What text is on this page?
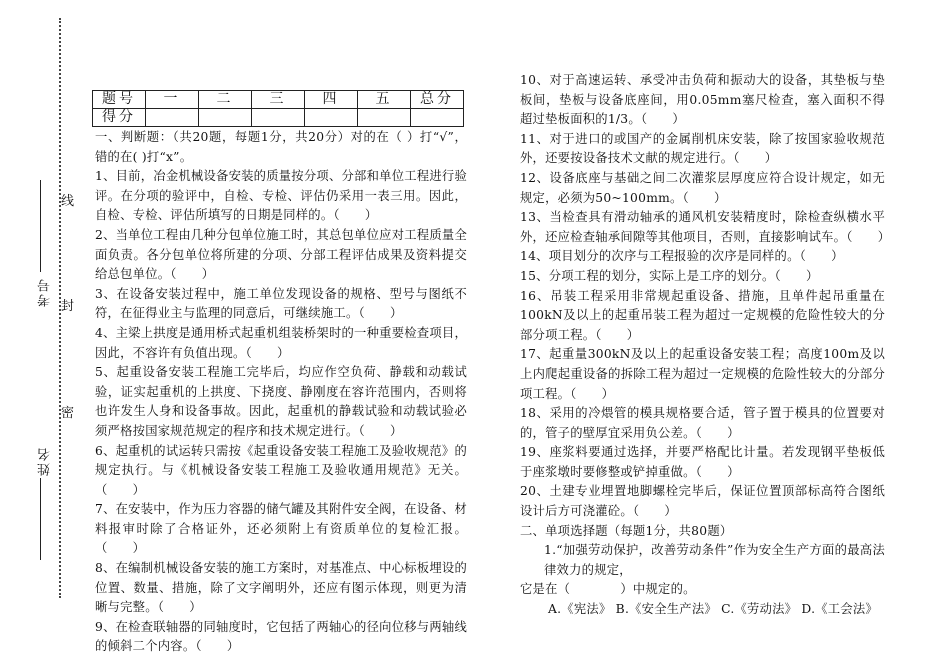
姓名
考号
密
封
线
题号	一	二	三	四	五	总分
得分						

一、判断题：（共20题，每题1分，共20分）对的在（ ）打“√”，错的在( )打“x”。

1、目前，冶金机械设备安装的质量按分项、分部和单位工程进行验评。在分项的验评中，自检、专检、评估仍采用一表三用。因此，自检、专检、评估所填写的日期是同样的。（　　）

2、当单位工程由几种分包单位施工时，其总包单位应对工程质量全面负责。各分包单位将所建的分项、分部工程评估成果及资料提交给总包单位。（　　）

3、在设备安装过程中，施工单位发现设备的规格、型号与图纸不符，在征得业主与监理的同意后，可继续施工。（　　）

4、主梁上拱度是通用桥式起重机组装桥架时的一种重要检查项目，因此，不容许有负值出现。（　　）

5、起重设备安装工程施工完毕后，均应作空负荷、静载和动载试验，证实起重机的上拱度、下挠度、静刚度在容许范围内，否则将也许发生人身和设备事故。因此，起重机的静载试验和动载试验必须严格按国家规范规定的程序和技术规定进行。（　　）

6、起重机的试运转只需按《起重设备安装工程施工及验收规范》的规定执行。与《机械设备安装工程施工及验收通用规范》无关。（　　）

7、在安装中，作为压力容器的储气罐及其附件安全阀，在设备、材料报审时除了合格证外，还必须附上有资质单位的复检汇报。（　　）

8、在编制机械设备安装的施工方案时，对基准点、中心标板埋设的位置、数量、措施，除了文字阐明外，还应有图示体现，则更为清晰与完整。（　　）

9、在检查联轴器的同轴度时，它包括了两轴心的径向位移与两轴线的倾斜二个内容。（　　）

10、对于高速运转、承受冲击负荷和振动大的设备，其垫板与垫板间，垫板与设备底座间，用0.05mm塞尺检查，塞入面积不得超过垫板面积的1/3。（　　）

11、对于进口的或国产的金属削机床安装，除了按国家验收规范外，还要按设备技术文献的规定进行。（　　）

12、设备底座与基础之间二次灌浆层厚度应符合设计规定，如无规定，必须为50~100mm。（　　）

13、当检查具有滑动轴承的通风机安装精度时，除检查纵横水平外，还应检查轴承间隙等其他项目，否则，直接影响试车。（　　）

14、项目划分的次序与工程报验的次序是同样的。（　　）

15、分项工程的划分，实际上是工序的划分。（　　）

16、吊装工程采用非常规起重设备、措施，且单件起吊重量在100kN及以上的起重吊装工程为超过一定规模的危险性较大的分部分项工程。（　　）

17、起重量300kN及以上的起重设备安装工程；高度100m及以上内爬起重设备的拆除工程为超过一定规模的危险性较大的分部分项工程。（　　）

18、采用的冷煨管的模具规格要合适，管子置于模具的位置要对的，管子的壁厚宜采用负公差。（　　）

19、座浆料要通过选择，并要严格配比计量。若发现钢平垫板低于座浆墩时要修整或铲掉重做。（　　）

20、土建专业埋置地脚螺栓完毕后，保证位置顶部标高符合图纸设计后方可浇灌砼。（　　）

二、单项选择题（每题1分，共80题）

1.“加强劳动保护，改善劳动条件”作为安全生产方面的最高法律效力的规定，

它是在（　　　　）中规定的。

A.《宪法》 B.《安全生产法》 C.《劳动法》 D.《工会法》
